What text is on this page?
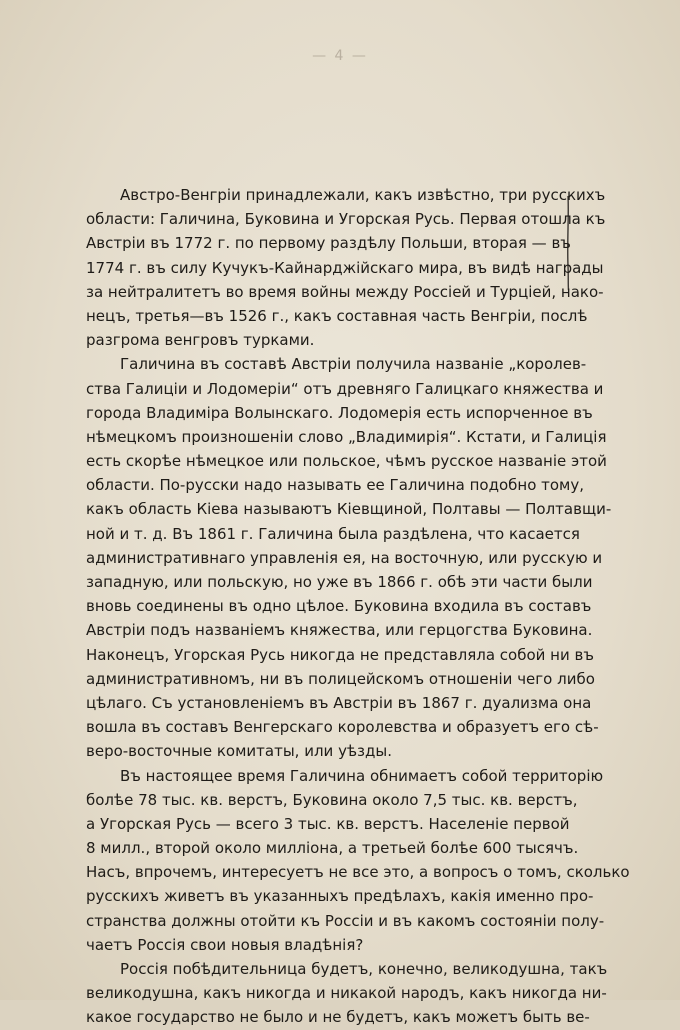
— 4 —
Австро-Венгріи принадлежали, какъ извѣстно, три русскихъ
области: Галичина, Буковина и Угорская Русь. Первая отошла къ
Австріи въ 1772 г. по первому раздѣлу Польши, вторая — въ
1774 г. въ силу Кучукъ-Кайнарджійскаго мира, въ видѣ награды
за нейтралитетъ во время войны между Россіей и Турціей, нако-
нецъ, третья—въ 1526 г., какъ составная часть Венгріи, послѣ
разгрома венгровъ турками.
Галичина въ составѣ Австріи получила названіе „королев-
ства Галиціи и Лодомеріи“ отъ древняго Галицкаго княжества и
города Владиміра Волынскаго. Лодомерія есть испорченное въ
нѣмецкомъ произношеніи слово „Владимирія“. Кстати, и Галиція
есть скорѣе нѣмецкое или польское, чѣмъ русское названіе этой
области. По-русски надо называть ее Галичина подобно тому,
какъ область Кіева называютъ Кіевщиной, Полтавы — Полтавщи-
ной и т. д. Въ 1861 г. Галичина была раздѣлена, что касается
административнаго управленія ея, на восточную, или русскую и
западную, или польскую, но уже въ 1866 г. обѣ эти части были
вновь соединены въ одно цѣлое. Буковина входила въ составъ
Австріи подъ названіемъ княжества, или герцогства Буковина.
Наконецъ, Угорская Русь никогда не представляла собой ни въ
административномъ, ни въ полицейскомъ отношеніи чего либо
цѣлаго. Съ установленіемъ въ Австріи въ 1867 г. дуализма она
вошла въ составъ Венгерскаго королевства и образуетъ его сѣ-
веро-восточные комитаты, или уѣзды.
Въ настоящее время Галичина обнимаетъ собой территорію
болѣе 78 тыс. кв. верстъ, Буковина около 7,5 тыс. кв. верстъ,
а Угорская Русь — всего 3 тыс. кв. верстъ. Населеніе первой
8 милл., второй около милліона, а третьей болѣе 600 тысячъ.
Насъ, впрочемъ, интересуетъ не все это, а вопросъ о томъ, сколько
русскихъ живетъ въ указанныхъ предѣлахъ, какія именно про-
странства должны отойти къ Россіи и въ какомъ состояніи полу-
чаетъ Россія свои новыя владѣнія?
Россія побѣдительница будетъ, конечно, великодушна, такъ
великодушна, какъ никогда и никакой народъ, какъ никогда ни-
какое государство не было и не будетъ, какъ можетъ быть ве-
